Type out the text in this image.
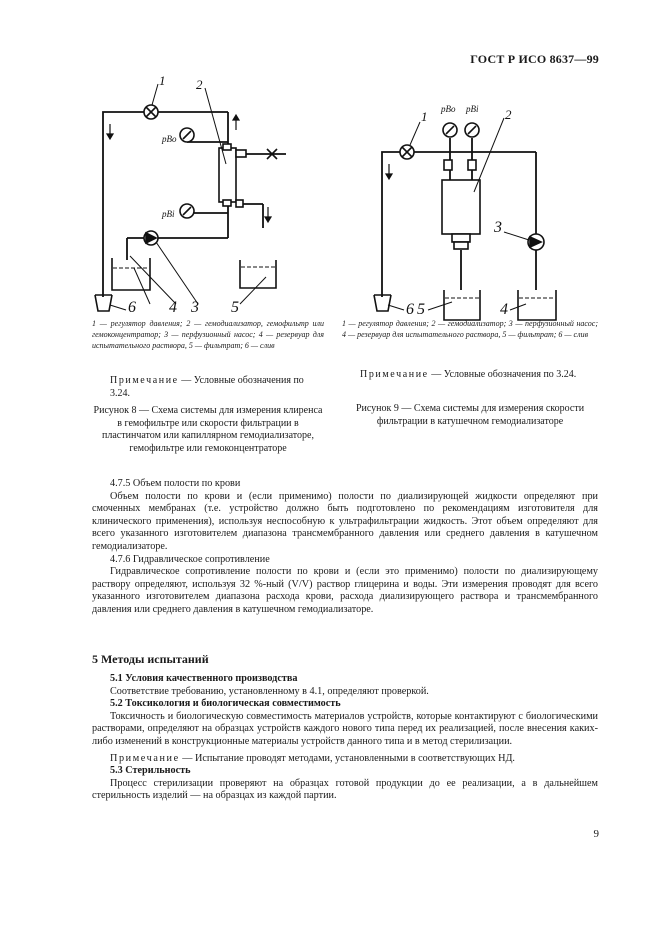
ГОСТ Р ИСО 8637—99
1 2
pBo
pBi
6 4 3 5
1 — регулятор давления; 2 — гемодиализатор, гемофильтр или гемоконцентратор; 3 — перфузионный насос; 4 — резервуар для испытательного раствора, 5 — фильтрат; 6 — слив
Примечание — Условные обозначения по 3.24.
Рисунок 8 — Схема системы для измерения клиренса в гемофильтре или скорости фильтрации в пластинчатом или капиллярном гемодиализаторе, гемофильтре или гемоконцентраторе
1 pBo pBi 2
3
6 5	4
1 — регулятор давления; 2 — гемодиализатор; 3 — перфузионный насос; 4 — резервуар для испытательного раствора, 5 — фильтрат; 6 — слив
Примечание — Условные обозначения по 3.24.
Рисунок 9 — Схема системы для измерения скорости фильтрации в катушечном гемодиализаторе

4.7.5 Объем полости по крови

Объем полости по крови и (если применимо) полости по диализирующей жидкости определяют при смоченных мембранах (т.е. устройство должно быть подготовлено по рекомендациям изготовителя для клинического применения), используя неспособную к ультрафильтрации жидкость. Этот объем определяют для всего указанного изготовителем диапазона трансмембранного давления или среднего давления в катушечном гемодиализаторе.

4.7.6 Гидравлическое сопротивление

Гидравлическое сопротивление полости по крови и (если это применимо) полости по диализирующему раствору определяют, используя 32 %-ный (V/V) раствор глицерина и воды. Эти измерения проводят для всего указанного изготовителем диапазона расхода крови, расхода диализирующего раствора и трансмембранного давления или среднего давления в катушечном гемодиализаторе.

5 Методы испытаний

5.1 Условия качественного производства

Соответствие требованию, установленному в 4.1, определяют проверкой.

5.2 Токсикология и биологическая совместимость

Токсичность и биологическую совместимость материалов устройств, которые контактируют с биологическими растворами, определяют на образцах устройств каждого нового типа перед их реализацией, после внесения каких-либо изменений в конструкционные материалы устройств данного типа и в метод стерилизации.

Примечание — Испытание проводят методами, установленными в соответствующих НД.

5.3 Стерильность

Процесс стерилизации проверяют на образцах готовой продукции до ее реализации, а в дальнейшем стерильность изделий — на образцах из каждой партии.

9
